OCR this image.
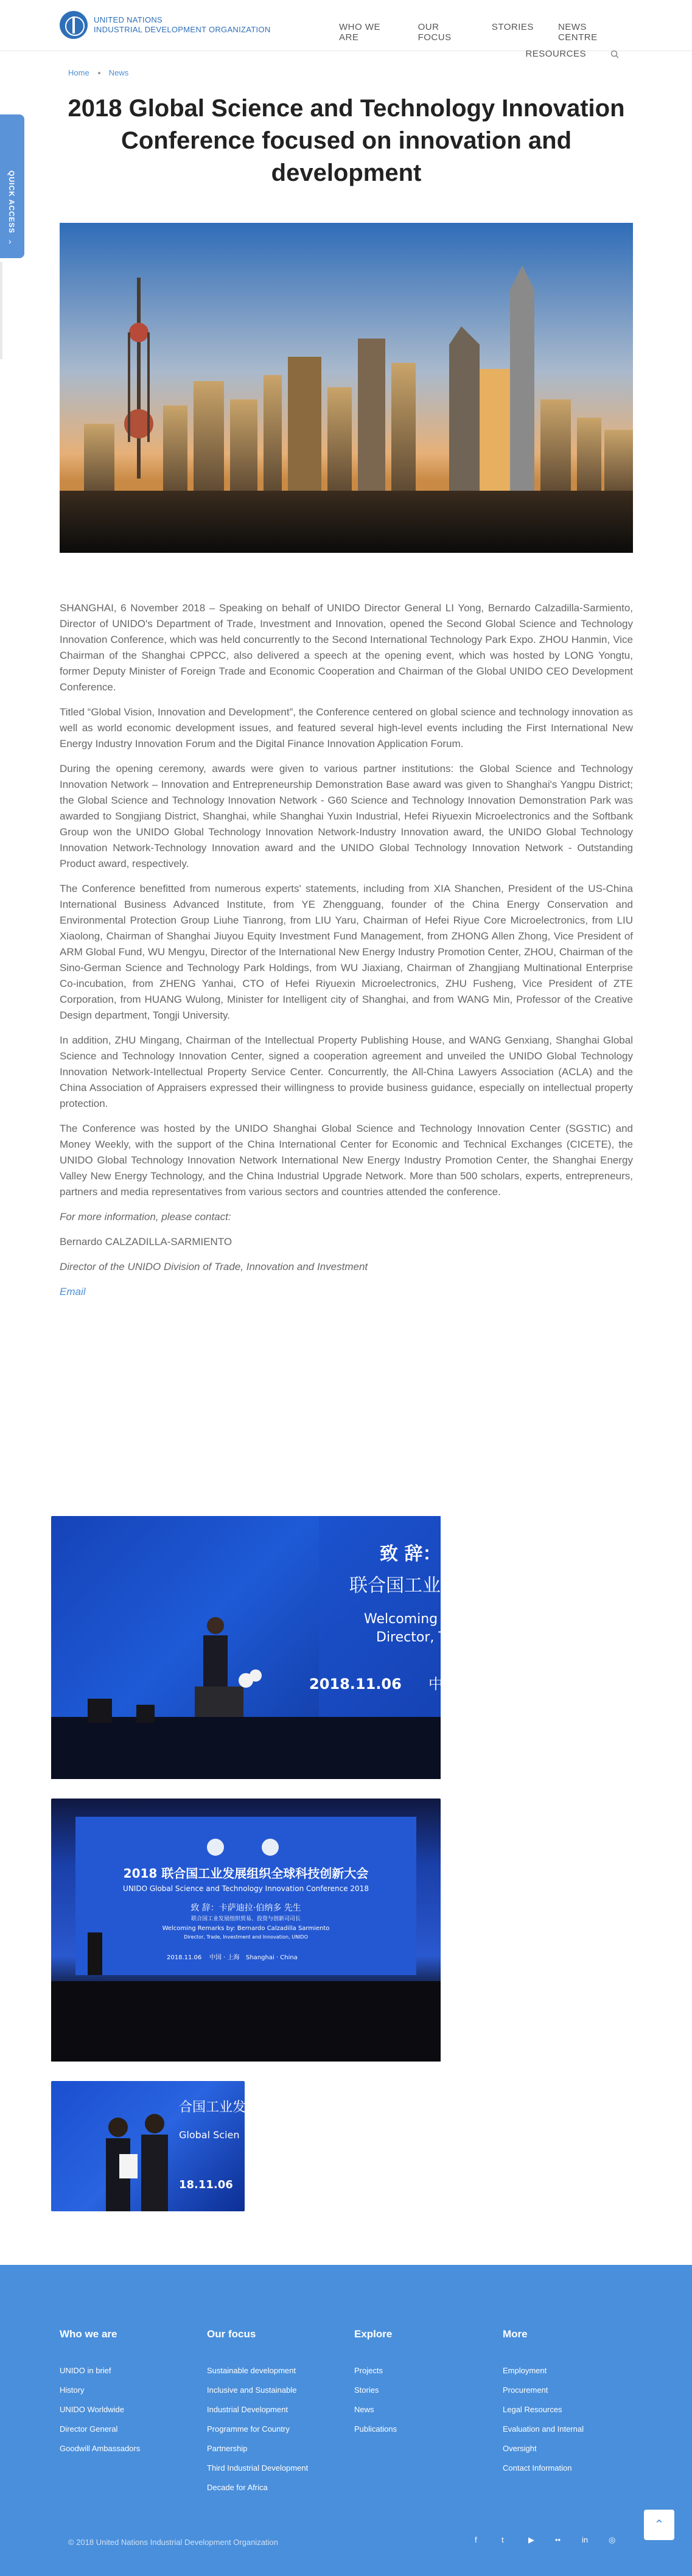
UNITED NATIONS
INDUSTRIAL DEVELOPMENT ORGANIZATION	WHO WE ARE
OUR FOCUS
STORIES	NEWS CENTRE
RESOURCES
QUICK ACCESS
›
Home News
2018 Global Science and Technology Innovation Conference focused on innovation and development

SHANGHAI, 6 November 2018 – Speaking on behalf of UNIDO Director General LI Yong, Bernardo Calzadilla-Sarmiento, Director of UNIDO's Department of Trade, Investment and Innovation, opened the Second Global Science and Technology Innovation Conference, which was held concurrently to the Second International Technology Park Expo. ZHOU Hanmin, Vice Chairman of the Shanghai CPPCC, also delivered a speech at the opening event, which was hosted by LONG Yongtu, former Deputy Minister of Foreign Trade and Economic Cooperation and Chairman of the Global UNIDO CEO Development Conference.

Titled “Global Vision, Innovation and Development”, the Conference centered on global science and technology innovation as well as world economic development issues, and featured several high-level events including the First International New Energy Industry Innovation Forum and the Digital Finance Innovation Application Forum.

During the opening ceremony, awards were given to various partner institutions: the Global Science and Technology Innovation Network – Innovation and Entrepreneurship Demonstration Base award was given to Shanghai's Yangpu District; the Global Science and Technology Innovation Network - G60 Science and Technology Innovation Demonstration Park was awarded to Songjiang District, Shanghai, while Shanghai Yuxin Industrial, Hefei Riyuexin Microelectronics and the Softbank Group won the UNIDO Global Technology Innovation Network-Industry Innovation award, the UNIDO Global Technology Innovation Network-Technology Innovation award and the UNIDO Global Technology Innovation Network - Outstanding Product award, respectively.

The Conference benefitted from numerous experts' statements, including from XIA Shanchen, President of the US-China International Business Advanced Institute, from YE Zhengguang, founder of the China Energy Conservation and Environmental Protection Group Liuhe Tianrong, from LIU Yaru, Chairman of Hefei Riyue Core Microelectronics, from LIU Xiaolong, Chairman of Shanghai Jiuyou Equity Investment Fund Management, from ZHONG Allen Zhong, Vice President of ARM Global Fund, WU Mengyu, Director of the International New Energy Industry Promotion Center, ZHOU, Chairman of the Sino-German Science and Technology Park Holdings, from WU Jiaxiang, Chairman of Zhangjiang Multinational Enterprise Co-incubation, from ZHENG Yanhai, CTO of Hefei Riyuexin Microelectronics, ZHU Fusheng, Vice President of ZTE Corporation, from HUANG Wulong, Minister for Intelligent city of Shanghai, and from WANG Min, Professor of the Creative Design department, Tongji University.

In addition, ZHU Mingang, Chairman of the Intellectual Property Publishing House, and WANG Genxiang, Shanghai Global Science and Technology Innovation Center, signed a cooperation agreement and unveiled the UNIDO Global Technology Innovation Network-Intellectual Property Service Center. Concurrently, the All-China Lawyers Association (ACLA) and the China Association of Appraisers expressed their willingness to provide business guidance, especially on intellectual property protection.

The Conference was hosted by the UNIDO Shanghai Global Science and Technology Innovation Center (SGSTIC) and Money Weekly, with the support of the China International Center for Economic and Technical Exchanges (CICETE), the UNIDO Global Technology Innovation Network International New Energy Industry Promotion Center, the Shanghai Energy Valley New Energy Technology, and the China Industrial Upgrade Network. More than 500 scholars, experts, entrepreneurs, partners and media representatives from various sectors and countries attended the conference.

For more information, please contact:

Bernardo CALZADILLA-SARMIENTO

Director of the UNIDO Division of Trade, Innovation and Investment

Email

致 辞：
联合国工业
Welcoming Remar
Director, T
2018.11.06 中
2018 联合国工业发展组织全球科技创新大会
UNIDO Global Science and Technology Innovation Conference 2018
致 辞：卡萨迪拉·伯纳多 先生
联合国工业发展组织贸易、投资与创新司司长
Welcoming Remarks by: Bernardo Calzadilla Sarmiento
Director, Trade, Investment and Innovation, UNIDO
2018.11.06 中国 · 上海 Shanghai · China
合国工业发
Global Scien
18.11.06
Who we are
UNIDO in brief
History
UNIDO Worldwide
Director General
Goodwill Ambassadors
Our focus
Sustainable development
Inclusive and Sustainable
Industrial Development
Programme for Country
Partnership
Third Industrial Development
Decade for Africa
Explore
Projects
Stories
News
Publications
More
Employment
Procurement
Legal Resources
Evaluation and Internal
Oversight
Contact Information
© 2018 United Nations Industrial Development Organization	f	t	▶	••	in	◎
⌃
